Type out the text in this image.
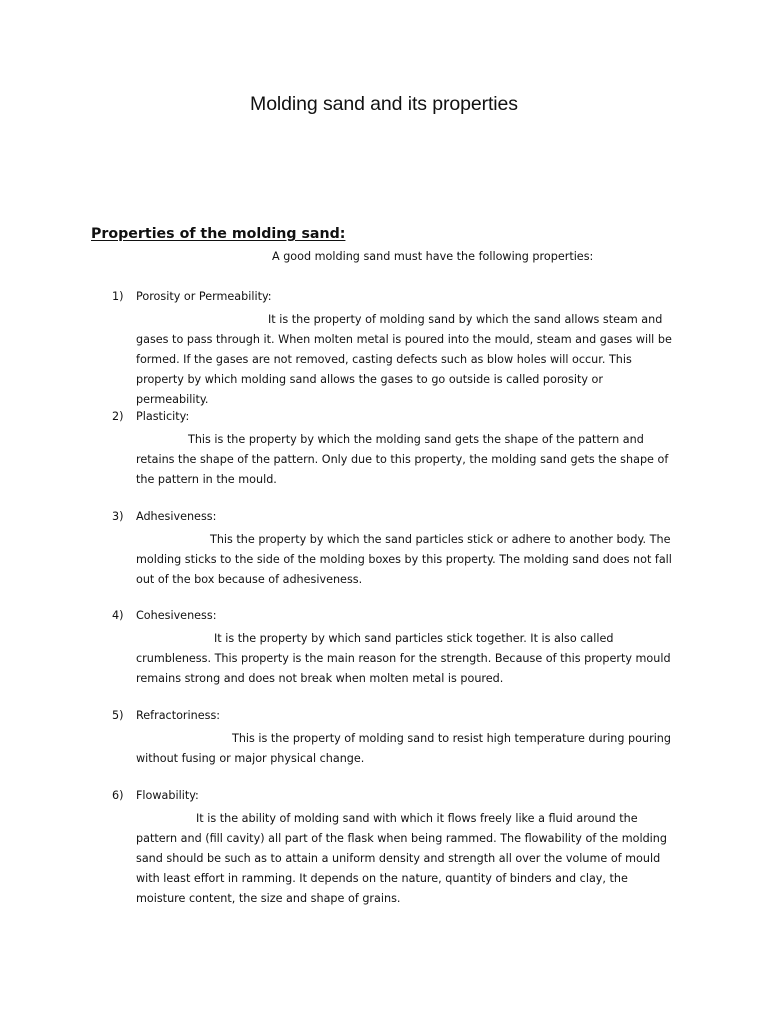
Molding sand and its properties
Properties of the molding sand:
A good molding sand must have the following properties:
1) Porosity or Permeability:
It is the property of molding sand by which the sand allows steam and
gases to pass through it. When molten metal is poured into the mould, steam and gases will be
formed. If the gases are not removed, casting defects such as blow holes will occur. This
property by which molding sand allows the gases to go outside is called porosity or permeability.
2) Plasticity:
This is the property by which the molding sand gets the shape of the pattern and
retains the shape of the pattern. Only due to this property, the molding sand gets the shape of
the pattern in the mould.
3) Adhesiveness:
This the property by which the sand particles stick or adhere to another body. The
molding sticks to the side of the molding boxes by this property. The molding sand does not fall
out of the box because of adhesiveness.
4) Cohesiveness:
It is the property by which sand particles stick together. It is also called
crumbleness. This property is the main reason for the strength. Because of this property mould
remains strong and does not break when molten metal is poured.
5) Refractoriness:
This is the property of molding sand to resist high temperature during pouring
without fusing or major physical change.
6) Flowability:
It is the ability of molding sand with which it flows freely like a fluid around the
pattern and (fill cavity) all part of the flask when being rammed. The flowability of the molding
sand should be such as to attain a uniform density and strength all over the volume of mould
with least effort in ramming. It depends on the nature, quantity of binders and clay, the
moisture content, the size and shape of grains.
